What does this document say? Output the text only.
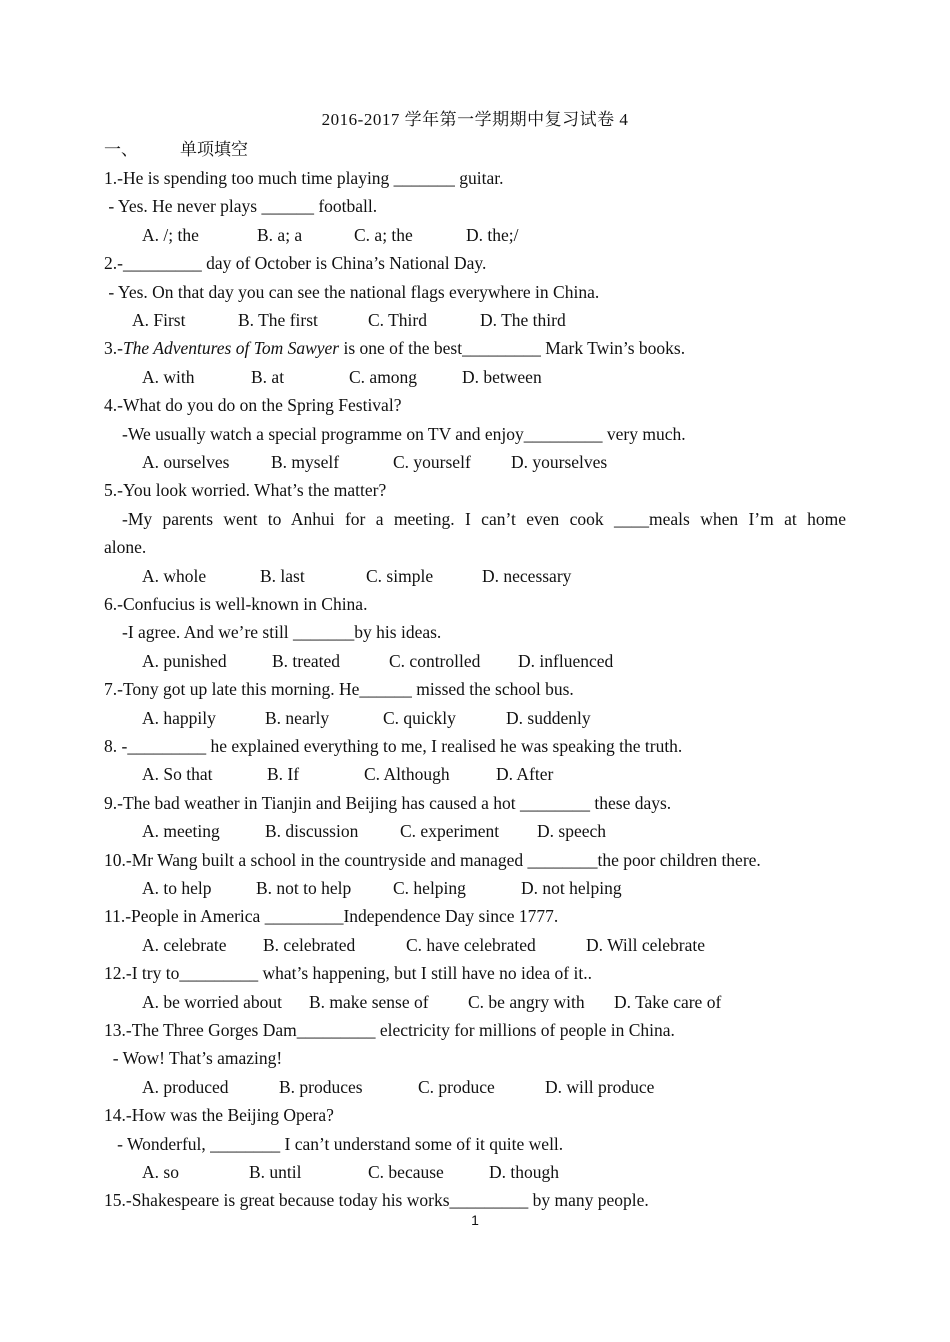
2016-2017 学年第一学期期中复习试卷 4
一、 单项填空
1.-He is spending too much time playing _______ guitar.
- Yes. He never plays ______ football.
A. /; the	B. a; a	C. a; the	D. the;/
2.-_________ day of October is China’s National Day.
- Yes. On that day you can see the national flags everywhere in China.
A. First	B. The first	C. Third	D. The third
3.-The Adventures of Tom Sawyer is one of the best_________ Mark Twin’s books.
A. with	B. at	C. among	D. between
4.-What do you do on the Spring Festival?
-We usually watch a special programme on TV and enjoy_________ very much.
A. ourselves B. myself	C. yourself D. yourselves
5.-You look worried. What’s the matter?
-My parents went to Anhui for a meeting. I can’t even cook ____meals when I’m at home
alone.
A. whole	B. last	C. simple	D. necessary
6.-Confucius is well-known in China.
-I agree. And we’re still _______by his ideas.
A. punished	B. treated	C. controlled D. influenced
7.-Tony got up late this morning. He______ missed the school bus.
A. happily	B. nearly	C. quickly	D. suddenly
8. -_________ he explained everything to me, I realised he was speaking the truth.
A. So that	B. If	C. Although	D. After
9.-The bad weather in Tianjin and Beijing has caused a hot ________ these days.
A. meeting	B. discussion C. experiment D. speech
10.-Mr Wang built a school in the countryside and managed ________the poor children there.
A. to help	B. not to help C. helping	D. not helping
11.-People in America _________Independence Day since 1777.
A. celebrate B. celebrated	C. have celebrated	D. Will celebrate
12.-I try to_________ what’s happening, but I still have no idea of it..
A. be worried about B. make sense of C. be angry with D. Take care of
13.-The Three Gorges Dam_________ electricity for millions of people in China.
- Wow! That’s amazing!
A. produced	B. produces	C. produce	D. will produce
14.-How was the Beijing Opera?
- Wonderful, ________ I can’t understand some of it quite well.
A. so	B. until	C. because	D. though
15.-Shakespeare is great because today his works_________ by many people.
1
